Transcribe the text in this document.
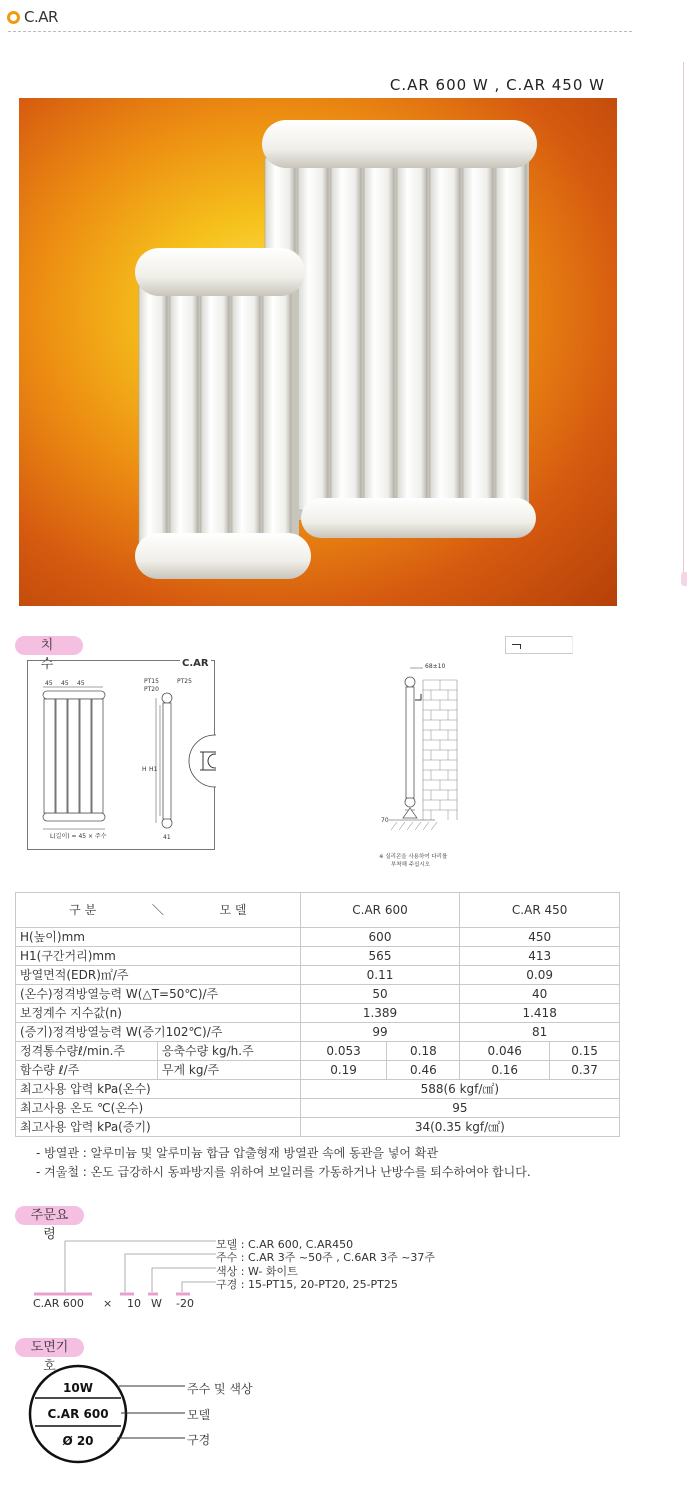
C.AR
C.AR 600 W , C.AR 450 W
치 수
45 45 45
L(길이) = 45 × 주수
PT15	PT25
PT20
H H1
41
C.AR	68±10
70
※ 실리콘을 사용하여 다리를
부착해 주십시오
구 분 ＼ 모 델		C.AR 600		C.AR 450	
H(높이)mm		600		450	
H1(구간거리)mm		565		413	
방열면적(EDR)㎡/주		0.11		0.09	
(온수)정격방열능력 W(△T=50℃)/주		50		40	
보정계수 지수값(n)		1.389		1.418	
(증기)정격방열능력 W(증기102℃)/주		99		81	
정격통수량ℓ/min.주	응축수량 kg/h.주	0.053	0.18	0.046	0.15
함수량 ℓ/주	무게 kg/주	0.19	0.46	0.16	0.37
최고사용 압력 kPa(온수)		588(6 kgf/㎠)			
최고사용 온도 ℃(온수)		95			
최고사용 압력 kPa(증기)		34(0.35 kgf/㎠)			
- 방열관 : 알루미늄 및 알루미늄 합금 압출형재 방열관 속에 동관을 넣어 확관
- 겨울철 : 온도 급강하시 동파방지를 위하여 보일러를 가동하거나 난방수를 퇴수하여야 합니다.
주문요령
모델 : C.AR 600, C.AR450
주수 : C.AR 3주 ~50주 , C.6AR 3주 ~37주
색상 : W- 화이트
구경 : 15-PT15, 20-PT20, 25-PT25
C.AR 600 × 10 W -20
도면기호
10W
C.AR 600
Ø 20
주수 및 색상
모델
구경
